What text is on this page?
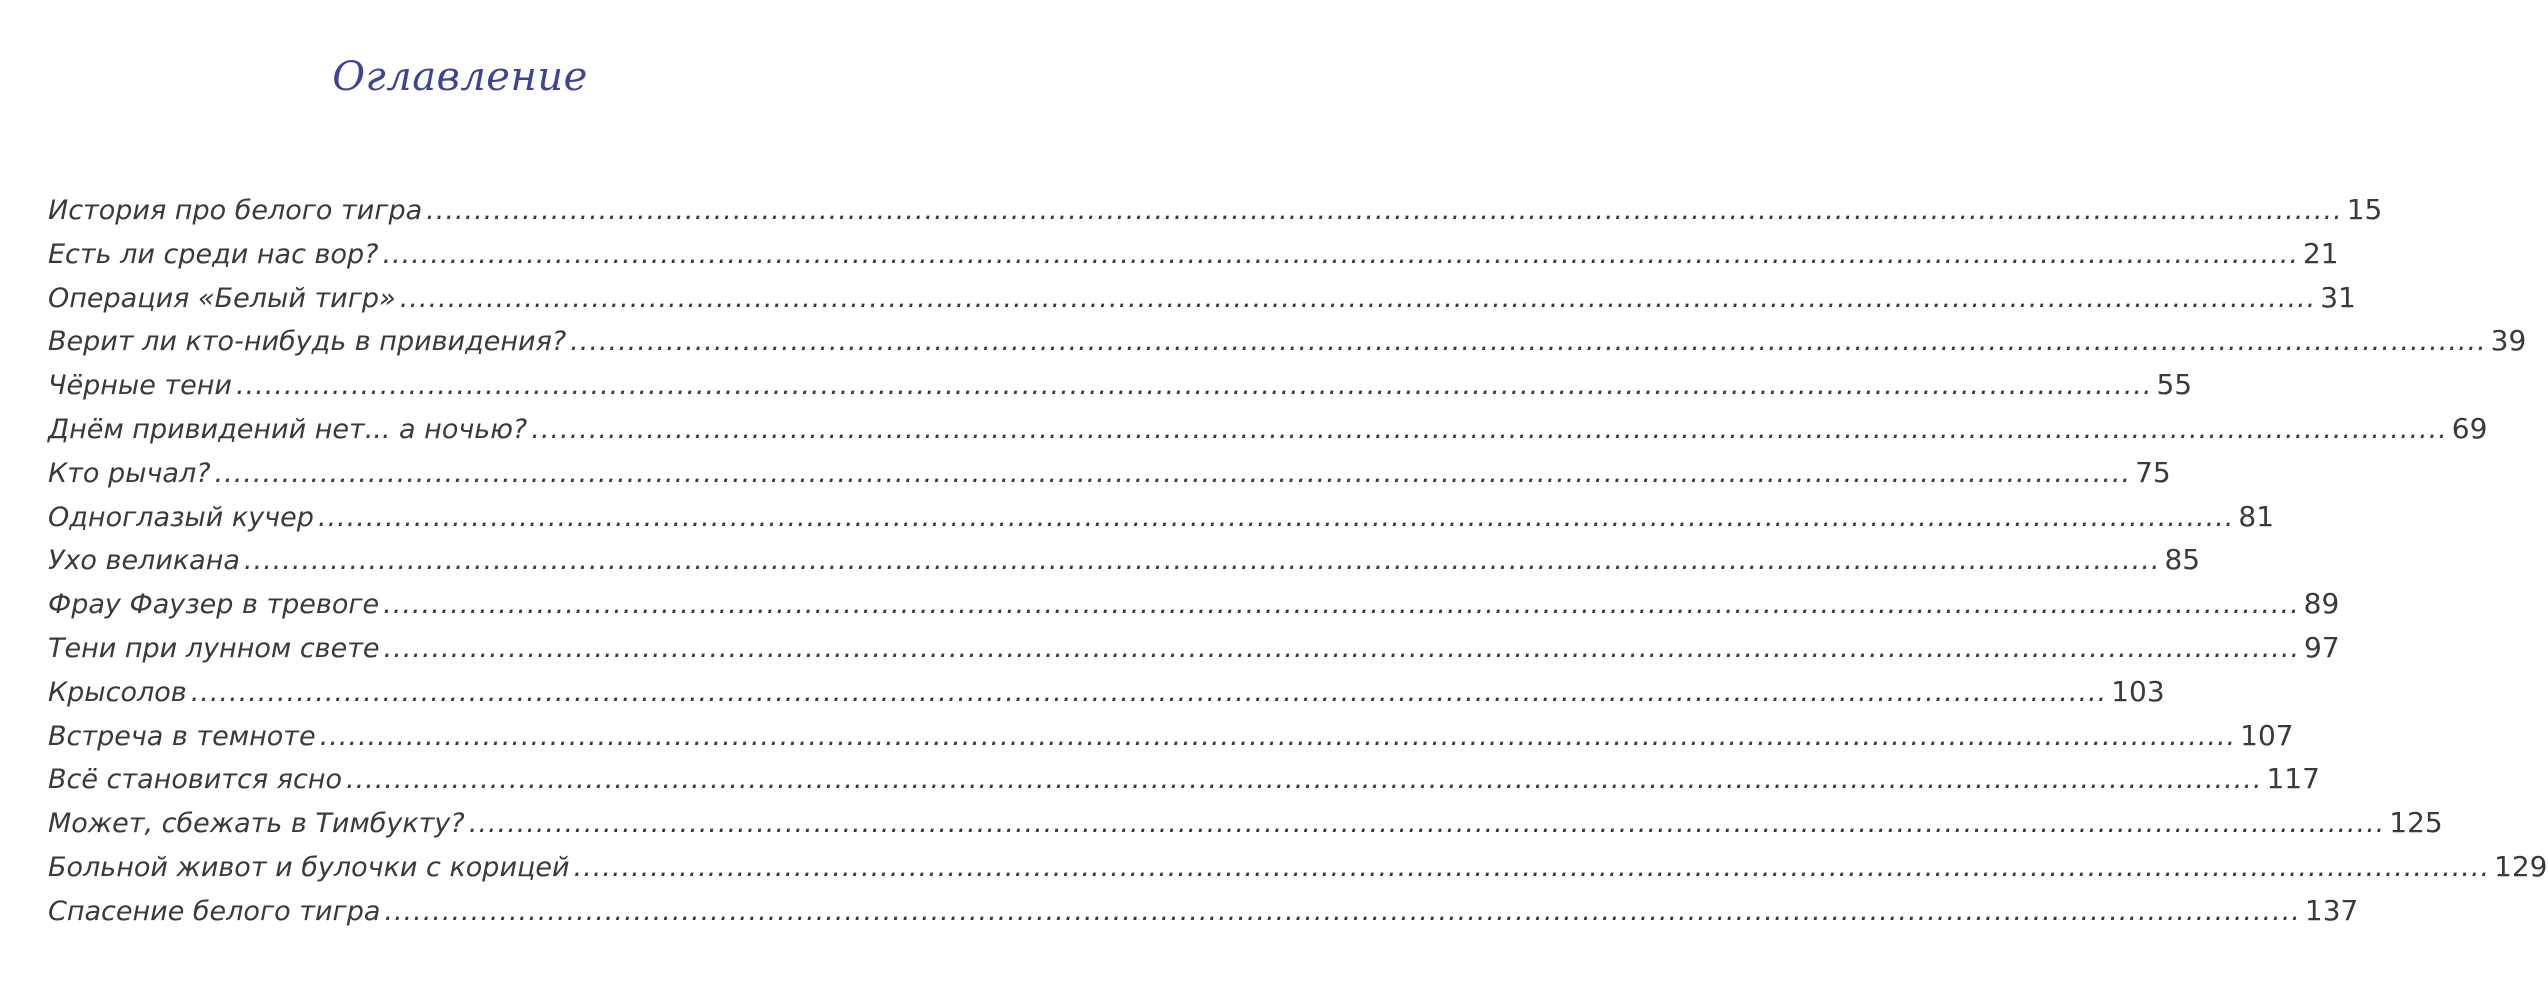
Оглавление
История про белого тигра ........................................................................................................................................................................................................ 15
Есть ли среди нас вор? ........................................................................................................................................................................................................ 21
Операция «Белый тигр» ........................................................................................................................................................................................................ 31
Верит ли кто-нибудь в привидения? ........................................................................................................................................................................................................ 39
Чёрные тени ........................................................................................................................................................................................................ 55
Днём привидений нет... а ночью? ........................................................................................................................................................................................................ 69
Кто рычал? ........................................................................................................................................................................................................ 75
Одноглазый кучер ........................................................................................................................................................................................................ 81
Ухо великана ........................................................................................................................................................................................................ 85
Фрау Фаузер в тревоге ........................................................................................................................................................................................................ 89
Тени при лунном свете ........................................................................................................................................................................................................ 97
Крысолов ........................................................................................................................................................................................................ 103
Встреча в темноте ........................................................................................................................................................................................................ 107
Всё становится ясно ........................................................................................................................................................................................................ 117
Может, сбежать в Тимбукту? ........................................................................................................................................................................................................ 125
Больной живот и булочки с корицей ........................................................................................................................................................................................................ 129
Спасение белого тигра ........................................................................................................................................................................................................ 137
